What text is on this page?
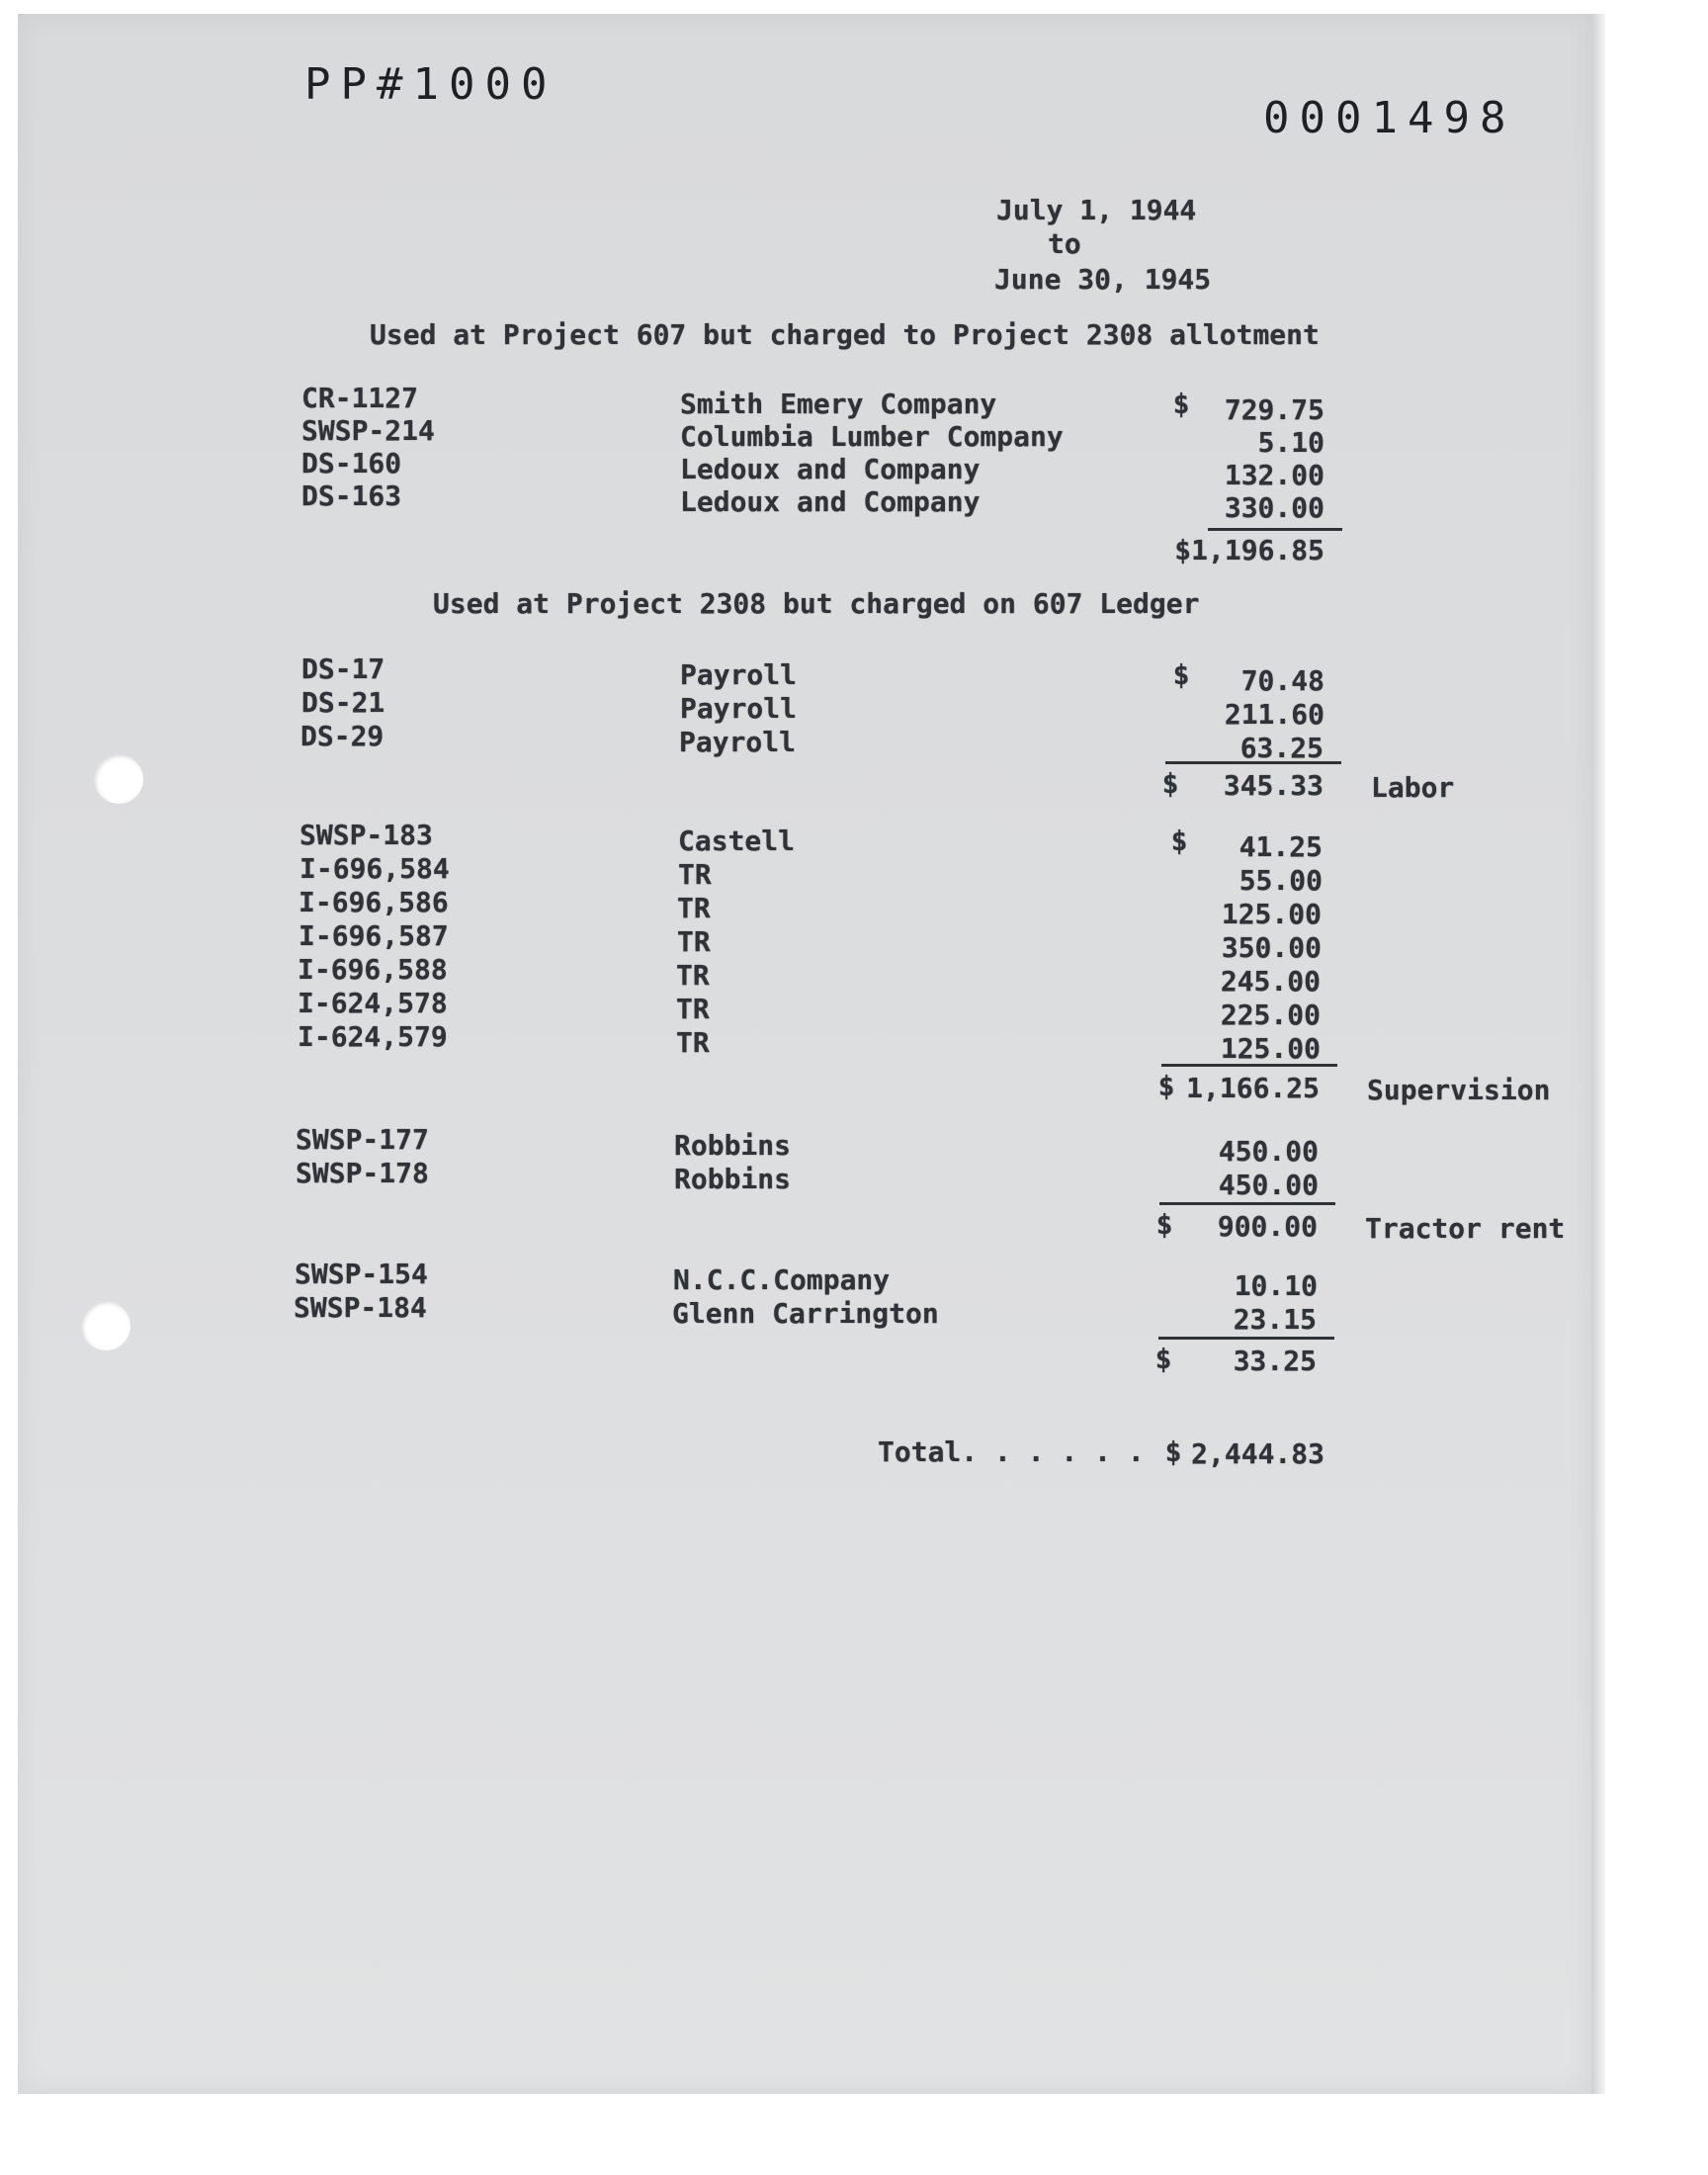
PP#1000
0001498
July 1, 1944
to
June 30, 1945
Used at Project 607 but charged to Project 2308 allotment
Used at Project 2308 but charged on 607 Ledger
Total. . . . . . $ 2,444.83
CR-1127	Smith Emery Company	$	729.75
SWSP-214	Columbia Lumber Company	5.10
DS-160	Ledoux and Company	132.00
DS-163	Ledoux and Company	330.00
$1,196.85
DS-17	Payroll	$	70.48
DS-21	Payroll	211.60
DS-29	Payroll	63.25
$	345.33 Labor
SWSP-183	Castell	$	41.25
I-696,584	TR	55.00
I-696,586	TR	125.00
I-696,587	TR	350.00
I-696,588	TR	245.00
I-624,578	TR	225.00
I-624,579	TR	125.00
$ 1,166.25 Supervision
SWSP-177	Robbins	450.00
SWSP-178	Robbins	450.00
$	900.00 Tractor rent
SWSP-154	N.C.C.Company	10.10
SWSP-184	Glenn Carrington	23.15
$	33.25
